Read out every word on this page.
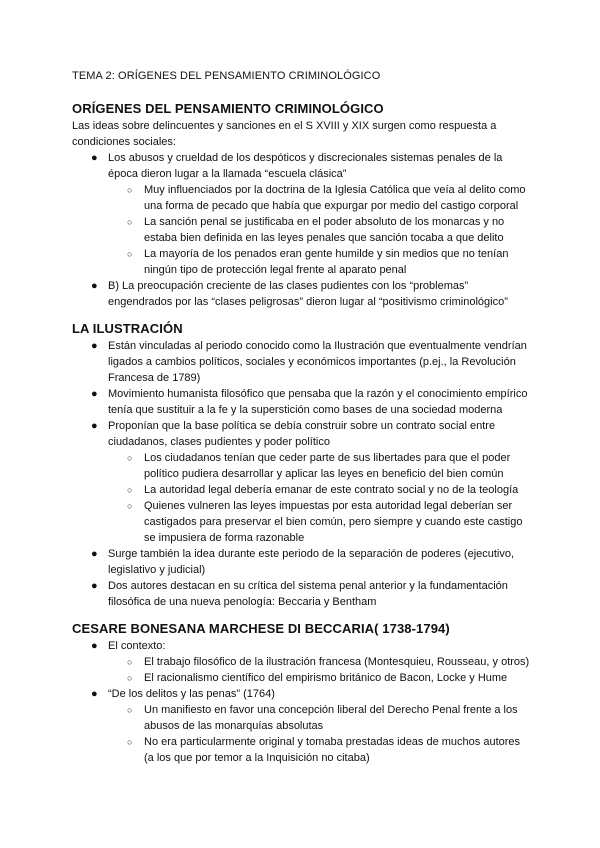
TEMA 2: ORÍGENES DEL PENSAMIENTO CRIMINOLÓGICO
ORÍGENES DEL PENSAMIENTO CRIMINOLÓGICO

Las ideas sobre delincuentes y sanciones en el S XVIII y XIX surgen como respuesta a condiciones sociales:

● Los abusos y crueldad de los despóticos y discrecionales sistemas penales de la época dieron lugar a la llamada “escuela clásica”
○ Muy influenciados por la doctrina de la Iglesia Católica que veía al delito como una forma de pecado que había que expurgar por medio del castigo corporal
○ La sanción penal se justificaba en el poder absoluto de los monarcas y no estaba bien definida en las leyes penales que sanción tocaba a que delito
○ La mayoría de los penados eran gente humilde y sin medios que no tenían ningún tipo de protección legal frente al aparato penal
● B) La preocupación creciente de las clases pudientes con los “problemas” engendrados por las “clases peligrosas” dieron lugar al “positivismo criminológico”
LA ILUSTRACIÓN
● Están vinculadas al periodo conocido como la Ilustración que eventualmente vendrían ligados a cambios políticos, sociales y económicos importantes (p.ej., la Revolución Francesa de 1789)
● Movimiento humanista filosófico que pensaba que la razón y el conocimiento empírico tenía que sustituir a la fe y la superstición como bases de una sociedad moderna
● Proponían que la base política se debía construir sobre un contrato social entre ciudadanos, clases pudientes y poder político
○ Los ciudadanos tenían que ceder parte de sus libertades para que el poder político pudiera desarrollar y aplicar las leyes en beneficio del bien común
○ La autoridad legal debería emanar de este contrato social y no de la teología
○ Quienes vulneren las leyes impuestas por esta autoridad legal deberían ser castigados para preservar el bien común, pero siempre y cuando este castigo se impusiera de forma razonable
● Surge también la idea durante este periodo de la separación de poderes (ejecutivo, legislativo y judicial)
● Dos autores destacan en su crítica del sistema penal anterior y la fundamentación filosófica de una nueva penología: Beccaria y Bentham
CESARE BONESANA MARCHESE DI BECCARIA( 1738-1794)
● El contexto:
○ El trabajo filosófico de la ilustración francesa (Montesquieu, Rousseau, y otros)
○ El racionalismo científico del empirismo británico de Bacon, Locke y Hume
● “De los delitos y las penas” (1764)
○ Un manifiesto en favor una concepción liberal del Derecho Penal frente a los abusos de las monarquías absolutas
○ No era particularmente original y tomaba prestadas ideas de muchos autores (a los que por temor a la Inquisición no citaba)
